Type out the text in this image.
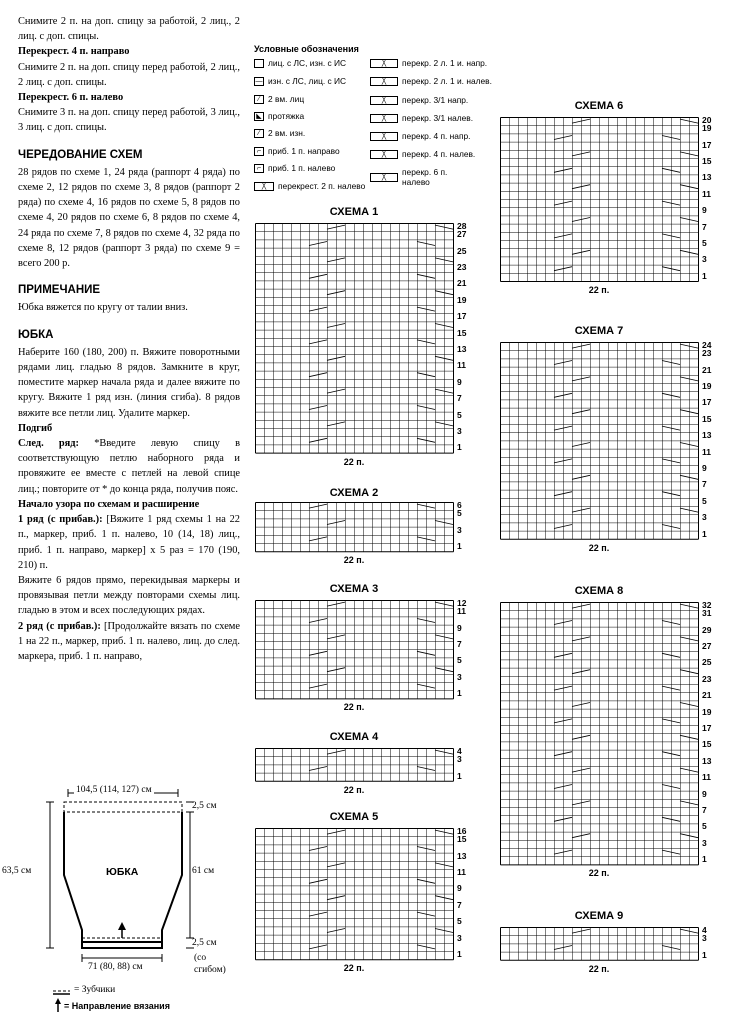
Снимите 2 п. на доп. спицу за работой, 2 лиц., 2 лиц. с доп. спицы.

Перекрест. 4 п. направо

Снимите 2 п. на доп. спицу перед работой, 2 лиц., 2 лиц. с доп. спицы.

Перекрест. 6 п. налево

Снимите 3 п. на доп. спицу перед работой, 3 лиц., 3 лиц. с доп. спицы.

ЧЕРЕДОВАНИЕ СХЕМ

28 рядов по схеме 1, 24 ряда (раппорт 4 ряда) по схеме 2, 12 рядов по схеме 3, 8 рядов (раппорт 2 ряда) по схеме 4, 16 рядов по схеме 5, 8 рядов по схеме 4, 20 рядов по схеме 6, 8 рядов по схеме 4, 24 ряда по схеме 7, 8 рядов по схеме 4, 32 ряда по схеме 8, 12 рядов (раппорт 3 ряда) по схеме 9 = всего 200 р.

ПРИМЕЧАНИЕ

Юбка вяжется по кругу от талии вниз.

ЮБКА

Наберите 160 (180, 200) п. Вяжите поворотными рядами лиц. гладью 8 рядов. Замкните в круг, поместите маркер начала ряда и далее вяжите по кругу. Вяжите 1 ряд изн. (линия сгиба). 8 рядов вяжите все петли лиц. Удалите маркер.

Подгиб

След. ряд: *Введите левую спицу в соответствующую петлю наборного ряда и провяжите ее вместе с петлей на левой спице лиц.; повторите от * до конца ряда, получив пояс.

Начало узора по схемам и расширение

1 ряд (с прибав.): [Вяжите 1 ряд схемы 1 на 22 п., маркер, приб. 1 п. налево, 10 (14, 18) лиц., приб. 1 п. направо, маркер] x 5 раз = 170 (190, 210) п.

Вяжите 6 рядов прямо, перекидывая маркеры и провязывая петли между повторами схемы лиц. гладью в этом и всех последующих рядах.

2 ряд (с прибав.): [Продолжайте вязать по схеме 1 на 22 п., маркер, приб. 1 п. налево, лиц. до след. маркера, приб. 1 п. направо,

Условные обозначения
лиц. с ЛС, изн. с ИС
— изн. с ЛС, лиц. с ИС
⁄	2 вм. лиц
◣ протяжка
⁄	2 вм. изн.
⌐ приб. 1 п. направо
⌐ приб. 1 п. налево
╳	перекрест. 2 п. налево
╳	перекр. 2 л. 1 и. напр.
╳	перекр. 2 л. 1 и. налев.
╳	перекр. 3/1 напр.
╳	перекр. 3/1 налев.
╳	перекр. 4 п. напр.
╳	перекр. 4 п. налев.
╳	перекр. 6 п. налево
СХЕМА 1
28
27
25
23
21
19
17
15
13
11
9
7
5
3
1
22 п.
СХЕМА 2
6
5
3
1
22 п.
СХЕМА 3
12
11
9
7
5
3
1
22 п.
СХЕМА 4
4
3
1
22 п.
СХЕМА 5
16
15
13
11
9
7
5
3
1
22 п.
СХЕМА 6
20
19
17
15
13
11
9
7
5
3
1
22 п.
СХЕМА 7
24
23
21
19
17
15
13
11
9
7
5
3
1
22 п.
СХЕМА 8
32
31
29
27
25
23
21
19
17
15
13
11
9
7
5
3
1
22 п.
СХЕМА 9
4
3
1
22 п.
104,5 (114, 127) см
2,5 см
63,5 см	ЮБКА	61 см
2,5 см
71 (80, 88) см
(со сгибом)
= Зубчики
= Направление вязания
